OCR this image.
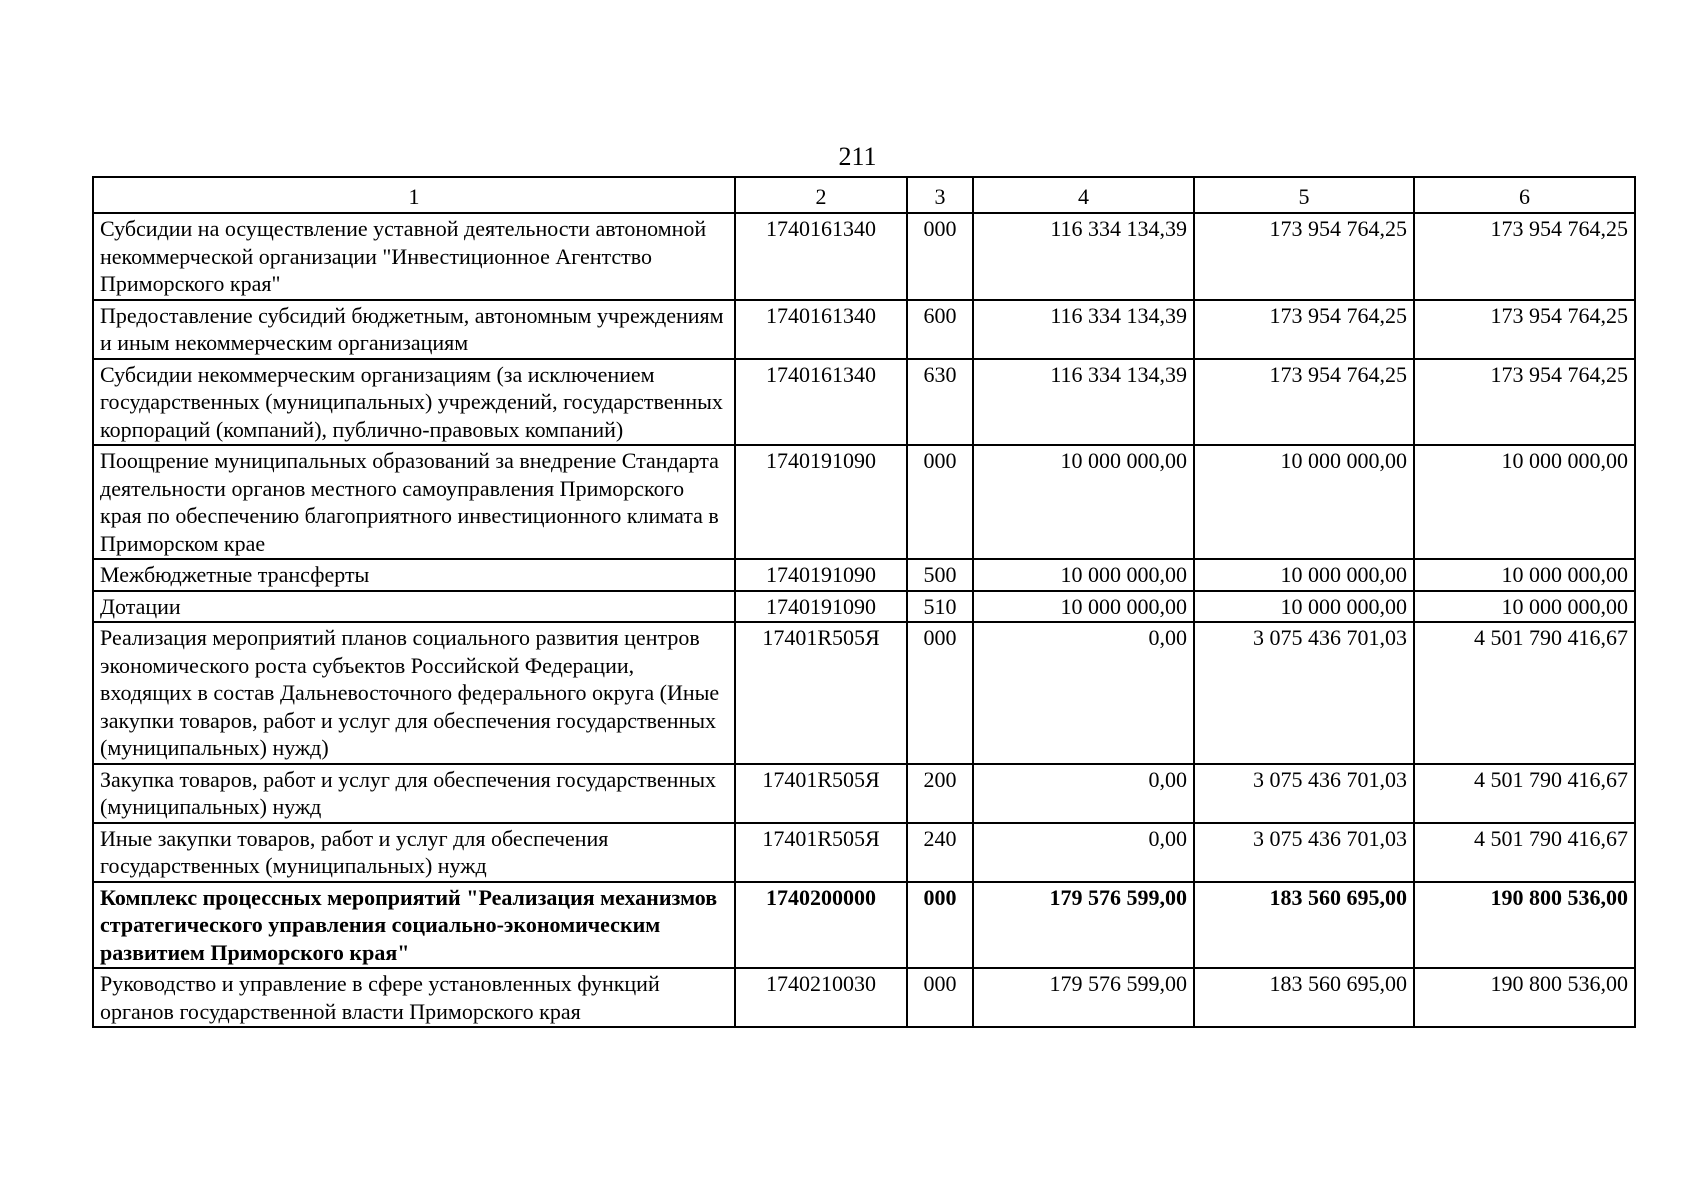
211
1	2	3	4	5	6
Субсидии на осуществление уставной деятельности автономной некоммерческой организации "Инвестиционное Агентство Приморского края"	1740161340	000	116 334 134,39	173 954 764,25	173 954 764,25
Предоставление субсидий бюджетным, автономным учреждениям и иным некоммерческим организациям	1740161340	600	116 334 134,39	173 954 764,25	173 954 764,25
Субсидии некоммерческим организациям (за исключением государственных (муниципальных) учреждений, государственных корпораций (компаний), публично-правовых компаний)	1740161340	630	116 334 134,39	173 954 764,25	173 954 764,25
Поощрение муниципальных образований за внедрение Стандарта деятельности органов местного самоуправления Приморского края по обеспечению благоприятного инвестиционного климата в Приморском крае	1740191090	000	10 000 000,00	10 000 000,00	10 000 000,00
Межбюджетные трансферты	1740191090	500	10 000 000,00	10 000 000,00	10 000 000,00
Дотации	1740191090	510	10 000 000,00	10 000 000,00	10 000 000,00
Реализация мероприятий планов социального развития центров экономического роста субъектов Российской Федерации, входящих в состав Дальневосточного федерального округа (Иные закупки товаров, работ и услуг для обеспечения государственных (муниципальных) нужд)	17401R505Я	000	0,00	3 075 436 701,03	4 501 790 416,67
Закупка товаров, работ и услуг для обеспечения государственных (муниципальных) нужд	17401R505Я	200	0,00	3 075 436 701,03	4 501 790 416,67
Иные закупки товаров, работ и услуг для обеспечения государственных (муниципальных) нужд	17401R505Я	240	0,00	3 075 436 701,03	4 501 790 416,67
Комплекс процессных мероприятий "Реализация механизмов стратегического управления социально-экономическим развитием Приморского края"	1740200000	000	179 576 599,00	183 560 695,00	190 800 536,00
Руководство и управление в сфере установленных функций органов государственной власти Приморского края	1740210030	000	179 576 599,00	183 560 695,00	190 800 536,00
